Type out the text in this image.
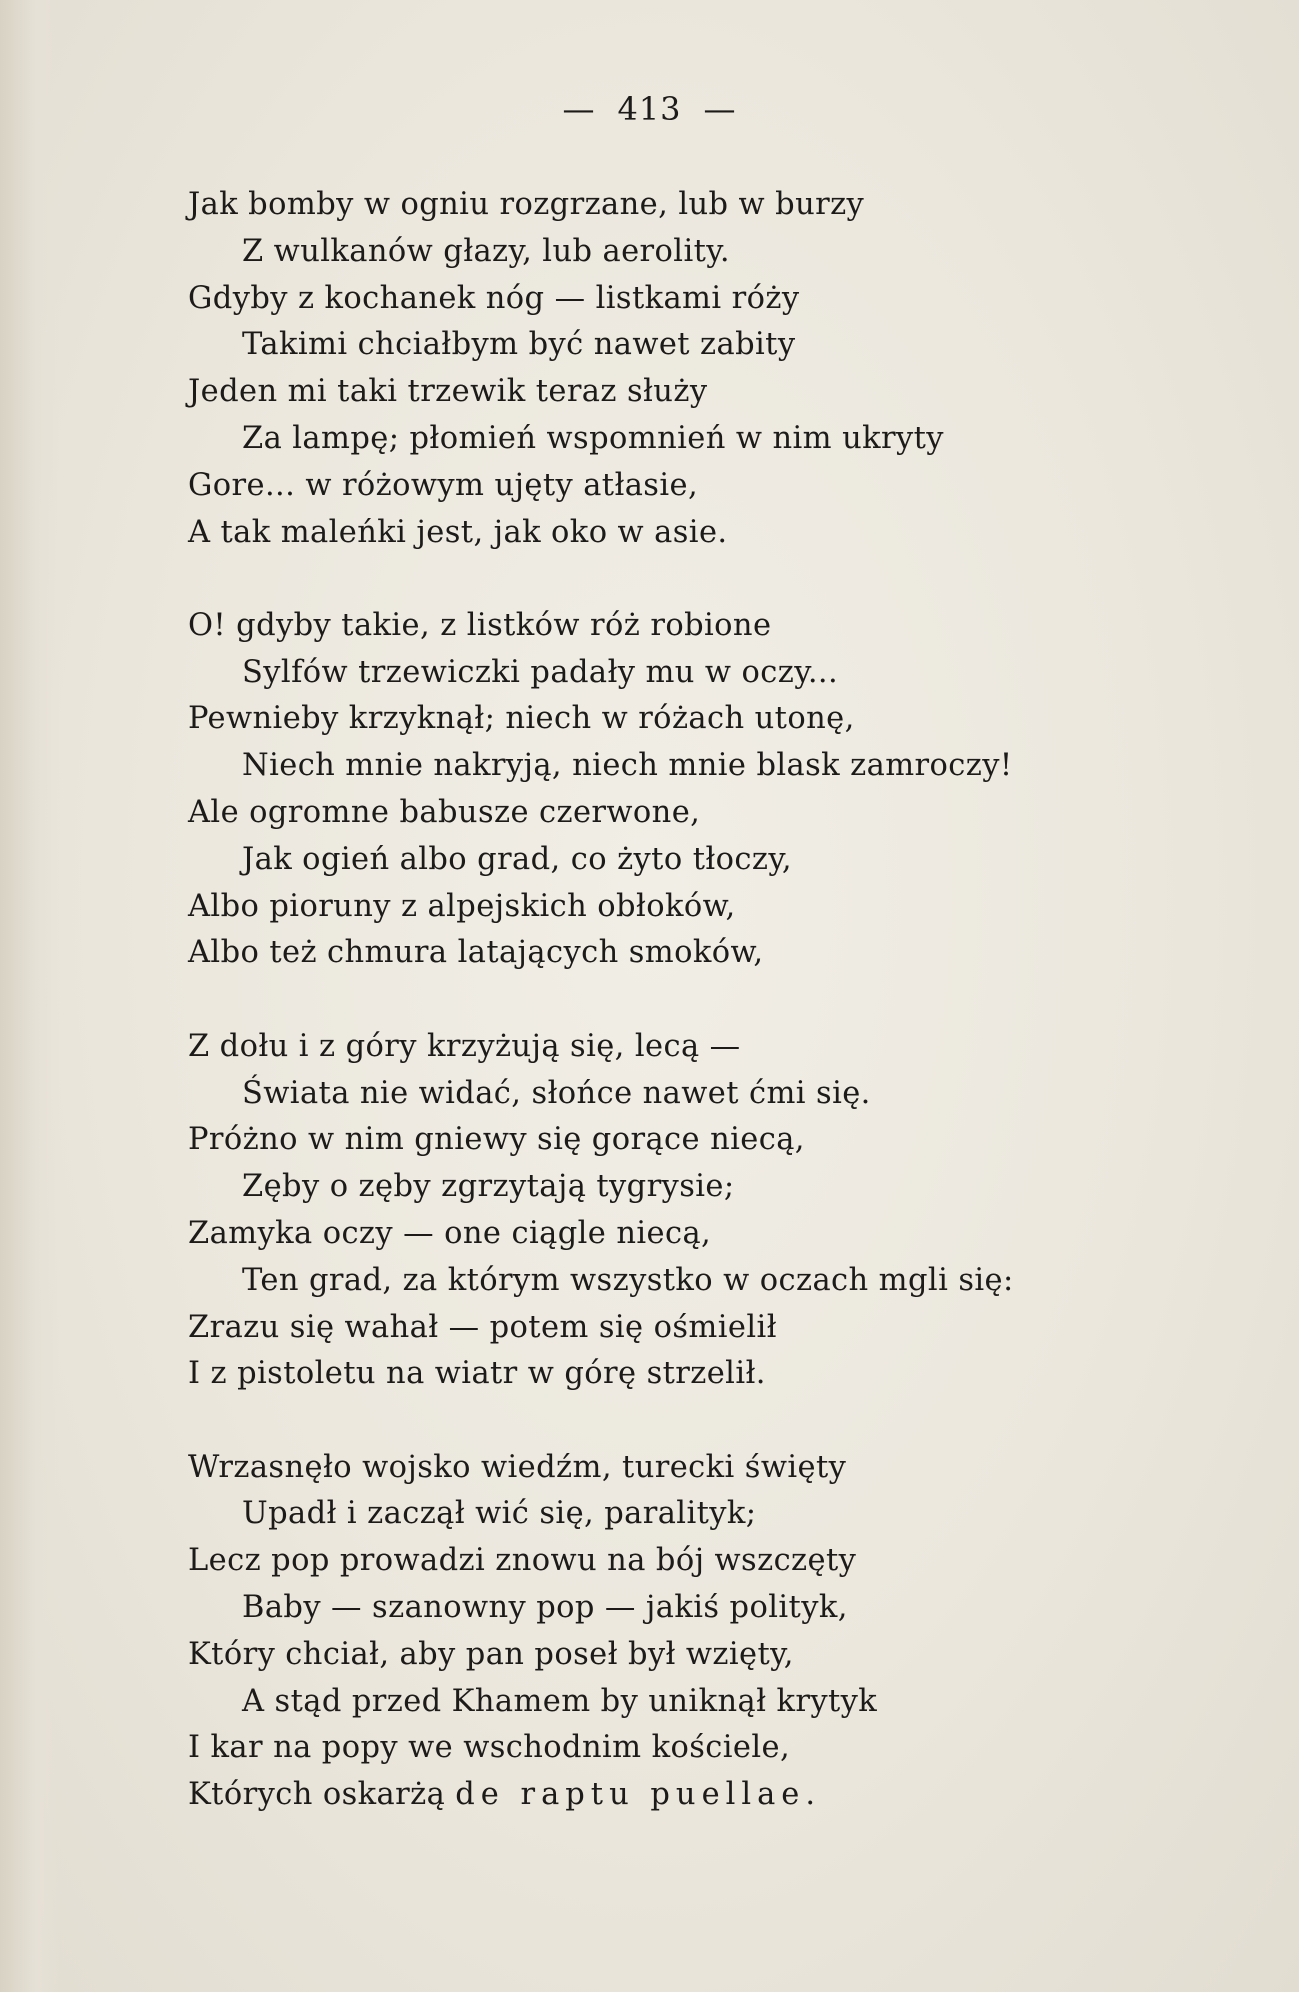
— 413 —
Jak bomby w ogniu rozgrzane, lub w burzy
Z wulkanów głazy, lub aerolity.
Gdyby z kochanek nóg — listkami róży
Takimi chciałbym być nawet zabity
Jeden mi taki trzewik teraz służy
Za lampę; płomień wspomnień w nim ukryty
Gore... w różowym ujęty atłasie,
A tak maleńki jest, jak oko w asie.
O! gdyby takie, z listków róż robione
Sylfów trzewiczki padały mu w oczy...
Pewnieby krzyknął; niech w różach utonę,
Niech mnie nakryją, niech mnie blask zamroczy!
Ale ogromne babusze czerwone,
Jak ogień albo grad, co żyto tłoczy,
Albo pioruny z alpejskich obłoków,
Albo też chmura latających smoków,
Z dołu i z góry krzyżują się, lecą —
Świata nie widać, słońce nawet ćmi się.
Próżno w nim gniewy się gorące niecą,
Zęby o zęby zgrzytają tygrysie;
Zamyka oczy — one ciągle niecą,
Ten grad, za którym wszystko w oczach mgli się:
Zrazu się wahał — potem się ośmielił
I z pistoletu na wiatr w górę strzelił.
Wrzasnęło wojsko wiedźm, turecki święty
Upadł i zaczął wić się, paralityk;
Lecz pop prowadzi znowu na bój wszczęty
Baby — szanowny pop — jakiś polityk,
Który chciał, aby pan poseł był wzięty,
A stąd przed Khamem by uniknął krytyk
I kar na popy we wschodnim kościele,
Których oskarżą de raptu puellae.
